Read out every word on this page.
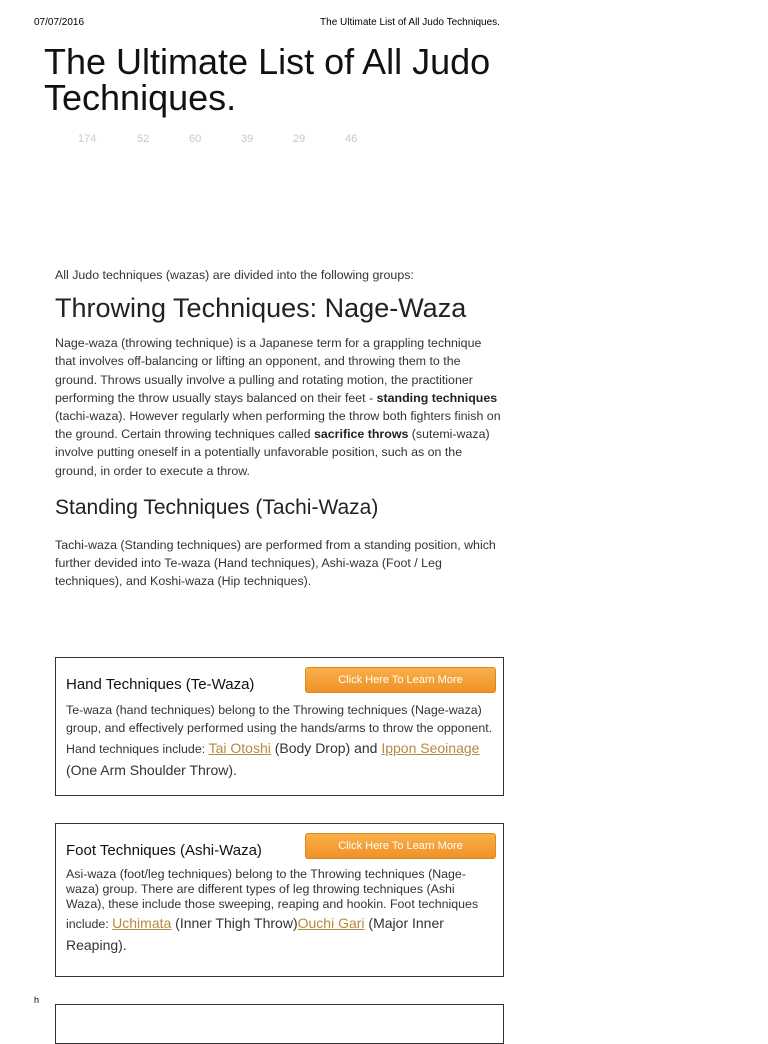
07/07/2016	The Ultimate List of All Judo Techniques.
The Ultimate List of All Judo Techniques.
174	52	60	39	29	46

All Judo techniques (wazas) are divided into the following groups:

Throwing Techniques: Nage-Waza

Nage-waza (throwing technique) is a Japanese term for a grappling technique that involves off-balancing or lifting an opponent, and throwing them to the ground. Throws usually involve a pulling and rotating motion, the practitioner performing the throw usually stays balanced on their feet - standing techniques (tachi-waza). However regularly when performing the throw both fighters finish on the ground. Certain throwing techniques called sacrifice throws (sutemi-waza) involve putting oneself in a potentially unfavorable position, such as on the ground, in order to execute a throw.

Standing Techniques (Tachi-Waza)

Tachi-waza (Standing techniques) are performed from a standing position, which further devided into Te-waza (Hand techniques), Ashi-waza (Foot / Leg techniques), and Koshi-waza (Hip techniques).

Hand Techniques (Te-Waza)	Click Here To Learn More
Te-waza (hand techniques) belong to the Throwing techniques (Nage-waza) group, and effectively performed using the hands/arms to throw the opponent. Hand techniques include: Tai Otoshi (Body Drop) and Ippon Seoinage (One Arm Shoulder Throw).
Foot Techniques (Ashi-Waza)	Click Here To Learn More
Asi-waza (foot/leg techniques) belong to the Throwing techniques (Nage-waza) group. There are different types of leg throwing techniques (Ashi Waza), these include those sweeping, reaping and hookin. Foot techniques include: Uchimata (Inner Thigh Throw)Ouchi Gari (Major Inner Reaping).
h
